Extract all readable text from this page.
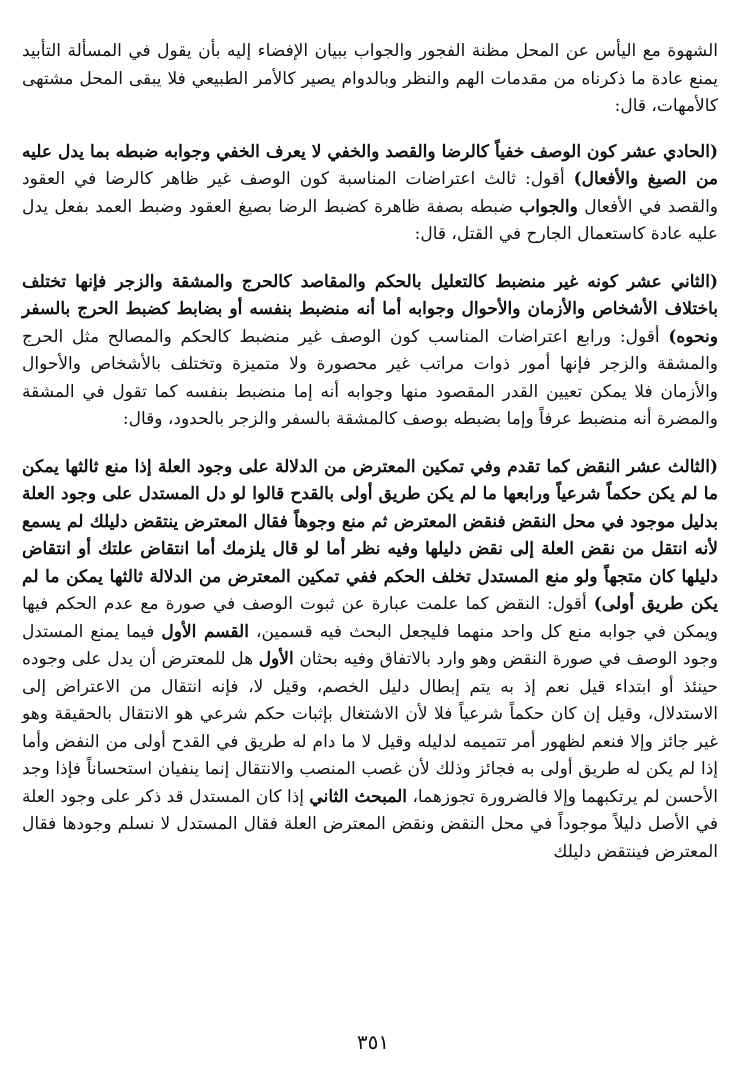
الشهوة مع اليأس عن المحل مظنة الفجور والجواب ببيان الإفضاء إليه بأن يقول في المسألة التأبيد يمنع عادة ما ذكرناه من مقدمات الهم والنظر وبالدوام يصير كالأمر الطبيعي فلا يبقى المحل مشتهى كالأمهات، قال:

(الحادي عشر كون الوصف خفياً كالرضا والقصد والخفي لا يعرف الخفي وجوابه ضبطه بما يدل عليه من الصيغ والأفعال) أقول: ثالث اعتراضات المناسبة كون الوصف غير ظاهر كالرضا في العقود والقصد في الأفعال والجواب ضبطه بصفة ظاهرة كضبط الرضا بصيغ العقود وضبط العمد بفعل يدل عليه عادة كاستعمال الجارح في القتل، قال:

(الثاني عشر كونه غير منضبط كالتعليل بالحكم والمقاصد كالحرج والمشقة والزجر فإنها تختلف باختلاف الأشخاص والأزمان والأحوال وجوابه أما أنه منضبط بنفسه أو بضابط كضبط الحرج بالسفر ونحوه) أقول: ورابع اعتراضات المناسب كون الوصف غير منضبط كالحكم والمصالح مثل الحرج والمشقة والزجر فإنها أمور ذوات مراتب غير محصورة ولا متميزة وتختلف بالأشخاص والأحوال والأزمان فلا يمكن تعيين القدر المقصود منها وجوابه أنه إما منضبط بنفسه كما تقول في المشقة والمضرة أنه منضبط عرفاً وإما بضبطه بوصف كالمشقة بالسفر والزجر بالحدود، وقال:

(الثالث عشر النقض كما تقدم وفي تمكين المعترض من الدلالة على وجود العلة إذا منع ثالثها يمكن ما لم يكن حكماً شرعياً ورابعها ما لم يكن طريق أولى بالقدح قالوا لو دل المستدل على وجود العلة بدليل موجود في محل النقض فنقض المعترض ثم منع وجوهاً فقال المعترض ينتقض دليلك لم يسمع لأنه انتقل من نقض العلة إلى نقض دليلها وفيه نظر أما لو قال يلزمك أما انتقاض علتك أو انتقاض دليلها كان متجهاً ولو منع المستدل تخلف الحكم ففي تمكين المعترض من الدلالة ثالثها يمكن ما لم يكن طريق أولى) أقول: النقض كما علمت عبارة عن ثبوت الوصف في صورة مع عدم الحكم فيها ويمكن في جوابه منع كل واحد منهما فليجعل البحث فيه قسمين، القسم الأول فيما يمنع المستدل وجود الوصف في صورة النقض وهو وارد بالاتفاق وفيه بحثان الأول هل للمعترض أن يدل على وجوده حينئذ أو ابتداء قيل نعم إذ به يتم إبطال دليل الخصم، وقيل لا، فإنه انتقال من الاعتراض إلى الاستدلال، وقيل إن كان حكماً شرعياً فلا لأن الاشتغال بإثبات حكم شرعي هو الانتقال بالحقيقة وهو غير جائز وإلا فنعم لظهور أمر تتميمه لدليله وقيل لا ما دام له طريق في القدح أولى من النفض وأما إذا لم يكن له طريق أولى به فجائز وذلك لأن غصب المنصب والانتقال إنما ينفيان استحساناً فإذا وجد الأحسن لم يرتكبهما وإلا فالضرورة تجوزهما، المبحث الثاني إذا كان المستدل قد ذكر على وجود العلة في الأصل دليلاً موجوداً في محل النقض ونقض المعترض العلة فقال المستدل لا نسلم وجودها فقال المعترض فينتقض دليلك

٣٥١
